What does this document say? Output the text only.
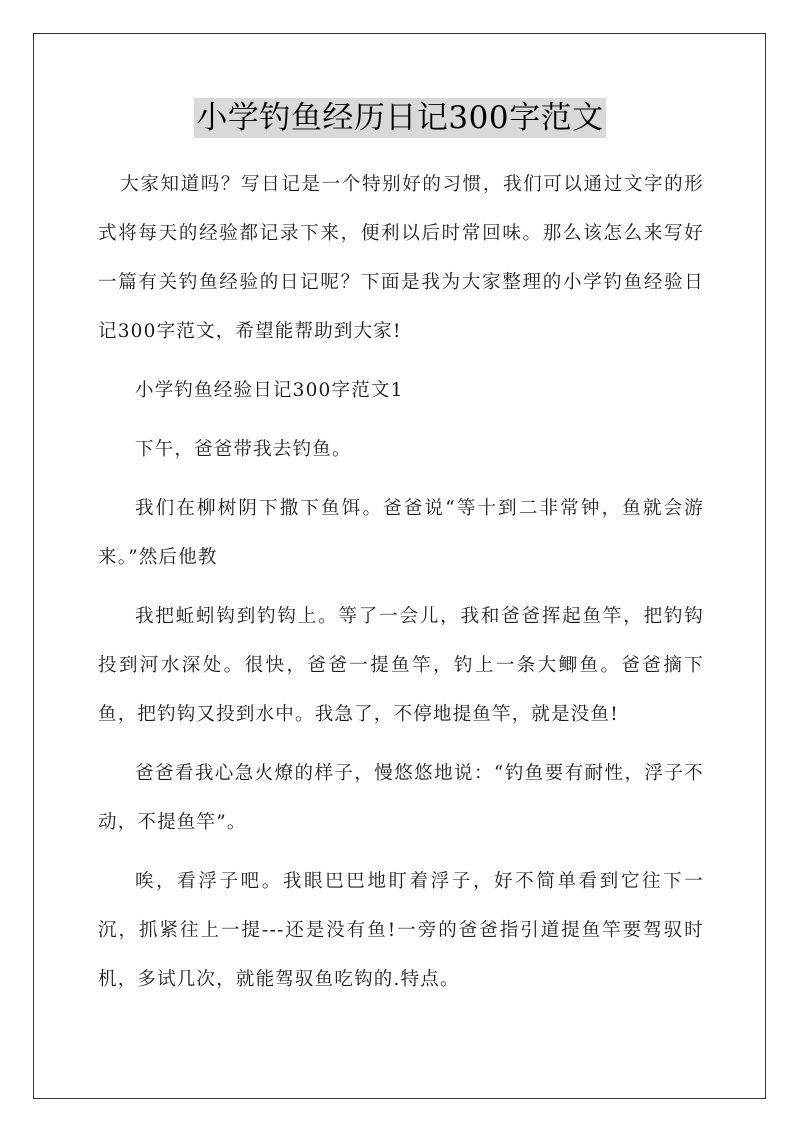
小学钓鱼经历日记300字范文

大家知道吗？写日记是一个特别好的习惯，我们可以通过文字的形式将每天的经验都记录下来，便利以后时常回味。那么该怎么来写好一篇有关钓鱼经验的日记呢？下面是我为大家整理的小学钓鱼经验日记300字范文，希望能帮助到大家!

小学钓鱼经验日记300字范文1

下午，爸爸带我去钓鱼。

我们在柳树阴下撒下鱼饵。爸爸说“等十到二非常钟，鱼就会游来。”然后他教

我把蚯蚓钩到钓钩上。等了一会儿，我和爸爸挥起鱼竿，把钓钩投到河水深处。很快，爸爸一提鱼竿，钓上一条大鲫鱼。爸爸摘下鱼，把钓钩又投到水中。我急了，不停地提鱼竿，就是没鱼!

爸爸看我心急火燎的样子，慢悠悠地说：“钓鱼要有耐性，浮子不动，不提鱼竿”。

唉，看浮子吧。我眼巴巴地盯着浮子，好不简单看到它往下一沉，抓紧往上一提---还是没有鱼!一旁的爸爸指引道提鱼竿要驾驭时机，多试几次，就能驾驭鱼吃钩的.特点。
